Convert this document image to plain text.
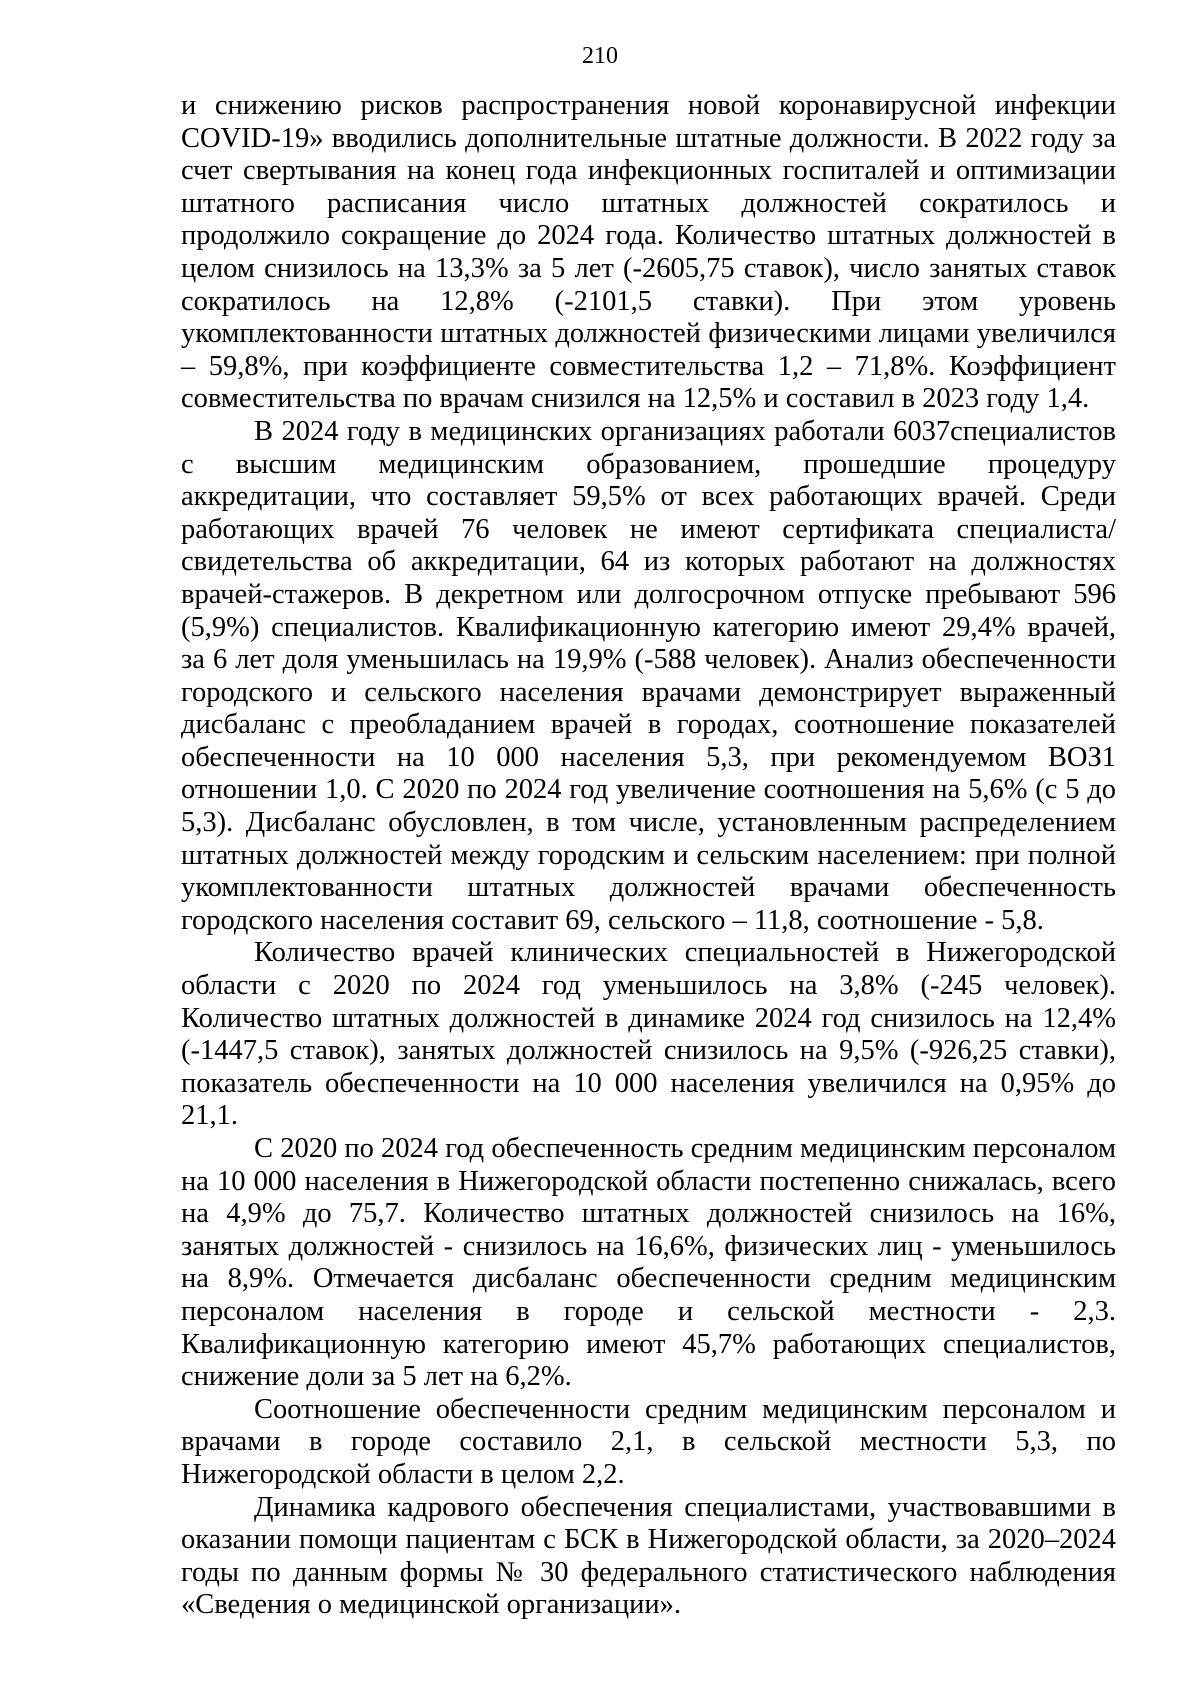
210

и снижению рисков распространения новой коронавирусной инфекции COVID-19» вводились дополнительные штатные должности. В 2022 году за счет свертывания на конец года инфекционных госпиталей и оптимизации штатного расписания число штатных должностей сократилось и продолжило сокращение до 2024 года. Количество штатных должностей в целом снизилось на 13,3% за 5 лет (-2605,75 ставок), число занятых ставок сократилось на 12,8% (-2101,5 ставки). При этом уровень укомплектованности штатных должностей физическими лицами увеличился – 59,8%, при коэффициенте совместительства 1,2 – 71,8%. Коэффициент совместительства по врачам снизился на 12,5% и составил в 2023 году 1,4.

В 2024 году в медицинских организациях работали 6037специалистов с высшим медицинским образованием, прошедшие процедуру аккредитации, что составляет 59,5% от всех работающих врачей. Среди работающих врачей 76 человек не имеют сертификата специалиста/свидетельства об аккредитации, 64 из которых работают на должностях врачей-стажеров. В декретном или долгосрочном отпуске пребывают 596 (5,9%) специалистов. Квалификационную категорию имеют 29,4% врачей, за 6 лет доля уменьшилась на 19,9% (-588 человек). Анализ обеспеченности городского и сельского населения врачами демонстрирует выраженный дисбаланс с преобладанием врачей в городах, соотношение показателей обеспеченности на 10 000 населения 5,3, при рекомендуемом ВОЗ1 отношении 1,0. С 2020 по 2024 год увеличение соотношения на 5,6% (с 5 до 5,3). Дисбаланс обусловлен, в том числе, установленным распределением штатных должностей между городским и сельским населением: при полной укомплектованности штатных должностей врачами обеспеченность городского населения составит 69, сельского – 11,8, соотношение - 5,8.

Количество врачей клинических специальностей в Нижегородской области с 2020 по 2024 год уменьшилось на 3,8% (-245 человек). Количество штатных должностей в динамике 2024 год снизилось на 12,4% (-1447,5 ставок), занятых должностей снизилось на 9,5% (-926,25 ставки), показатель обеспеченности на 10 000 населения увеличился на 0,95% до 21,1.

С 2020 по 2024 год обеспеченность средним медицинским персоналом на 10 000 населения в Нижегородской области постепенно снижалась, всего на 4,9% до 75,7. Количество штатных должностей снизилось на 16%, занятых должностей - снизилось на 16,6%, физических лиц - уменьшилось на 8,9%. Отмечается дисбаланс обеспеченности средним медицинским персоналом населения в городе и сельской местности - 2,3. Квалификационную категорию имеют 45,7% работающих специалистов, снижение доли за 5 лет на 6,2%.

Соотношение обеспеченности средним медицинским персоналом и врачами в городе составило 2,1, в сельской местности 5,3, по Нижегородской области в целом 2,2.

Динамика кадрового обеспечения специалистами, участвовавшими в оказании помощи пациентам с БСК в Нижегородской области, за 2020–2024 годы по данным формы № 30 федерального статистического наблюдения «Сведения о медицинской организации».
